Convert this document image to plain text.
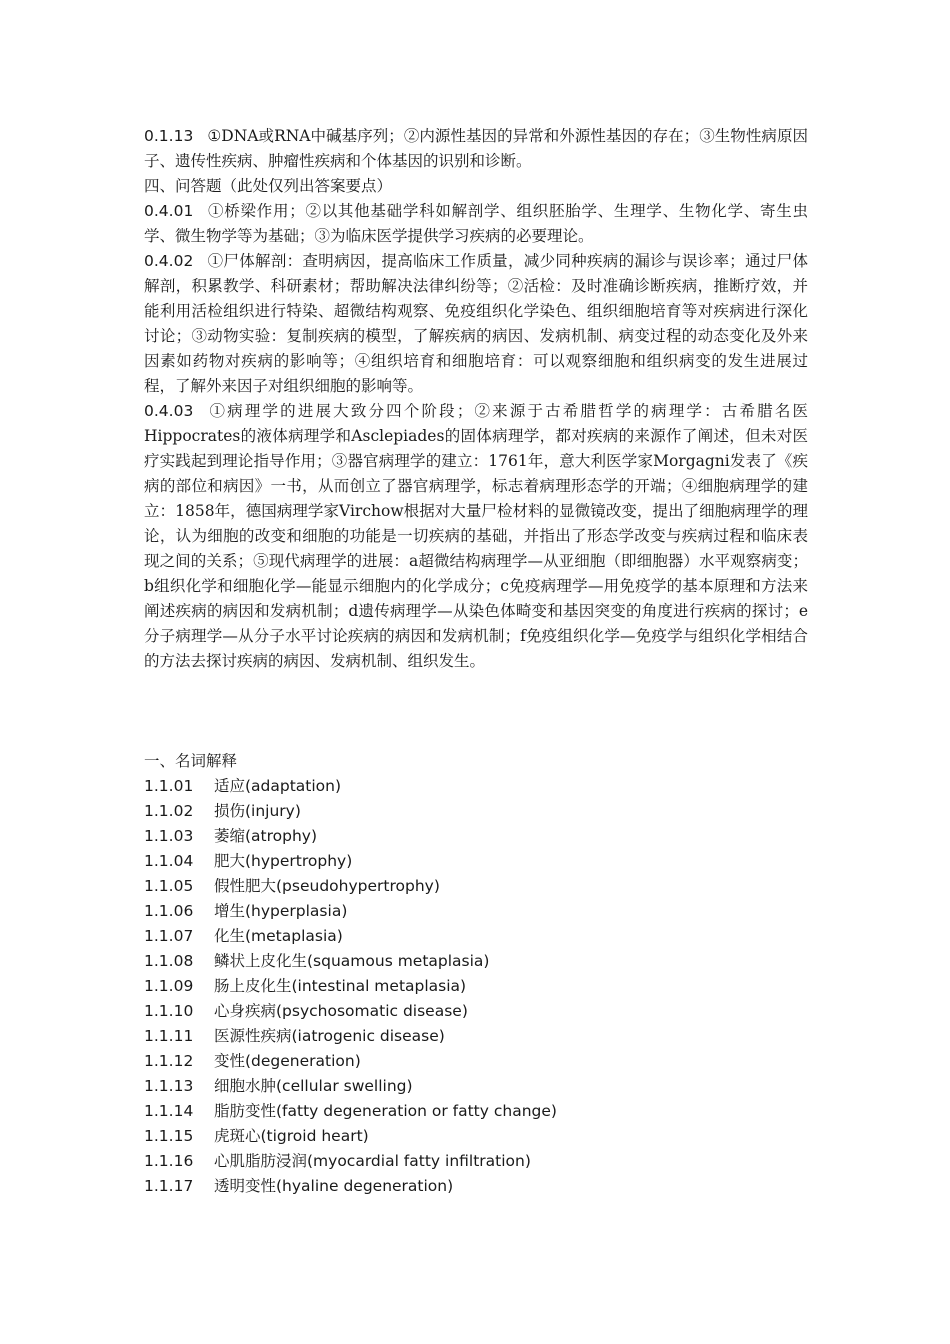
0.1.13 ①DNA或RNA中碱基序列；②内源性基因的异常和外源性基因的存在；③生物性病原因子、遗传性疾病、肿瘤性疾病和个体基因的识别和诊断。

四、问答题（此处仅列出答案要点）

0.4.01 ①桥梁作用；②以其他基础学科如解剖学、组织胚胎学、生理学、生物化学、寄生虫学、微生物学等为基础；③为临床医学提供学习疾病的必要理论。

0.4.02 ①尸体解剖：查明病因，提高临床工作质量，减少同种疾病的漏诊与误诊率；通过尸体解剖，积累教学、科研素材；帮助解决法律纠纷等；②活检：及时准确诊断疾病，推断疗效，并能利用活检组织进行特染、超微结构观察、免疫组织化学染色、组织细胞培育等对疾病进行深化讨论；③动物实验：复制疾病的模型，了解疾病的病因、发病机制、病变过程的动态变化及外来因素如药物对疾病的影响等；④组织培育和细胞培育：可以观察细胞和组织病变的发生进展过程，了解外来因子对组织细胞的影响等。

0.4.03 ①病理学的进展大致分四个阶段；②来源于古希腊哲学的病理学：古希腊名医Hippocrates的液体病理学和Asclepiades的固体病理学，都对疾病的来源作了阐述，但未对医疗实践起到理论指导作用；③器官病理学的建立：1761年，意大利医学家Morgagni发表了《疾病的部位和病因》一书，从而创立了器官病理学，标志着病理形态学的开端；④细胞病理学的建立：1858年，德国病理学家Virchow根据对大量尸检材料的显微镜改变，提出了细胞病理学的理论，认为细胞的改变和细胞的功能是一切疾病的基础，并指出了形态学改变与疾病过程和临床表现之间的关系；⑤现代病理学的进展：a超微结构病理学—从亚细胞（即细胞器）水平观察病变；b组织化学和细胞化学—能显示细胞内的化学成分；c免疫病理学—用免疫学的基本原理和方法来阐述疾病的病因和发病机制；d遗传病理学—从染色体畸变和基因突变的角度进行疾病的探讨；e分子病理学—从分子水平讨论疾病的病因和发病机制；f免疫组织化学—免疫学与组织化学相结合的方法去探讨疾病的病因、发病机制、组织发生。

一、名词解释

1.1.01	适应(adaptation)
1.1.02	损伤(injury)
1.1.03	萎缩(atrophy)
1.1.04	肥大(hypertrophy)
1.1.05	假性肥大(pseudohypertrophy)
1.1.06	增生(hyperplasia)
1.1.07	化生(metaplasia)
1.1.08	鳞状上皮化生(squamous metaplasia)
1.1.09	肠上皮化生(intestinal metaplasia)
1.1.10	心身疾病(psychosomatic disease)
1.1.11	医源性疾病(iatrogenic disease)
1.1.12	变性(degeneration)
1.1.13	细胞水肿(cellular swelling)
1.1.14	脂肪变性(fatty degeneration or fatty change)
1.1.15	虎斑心(tigroid heart)
1.1.16	心肌脂肪浸润(myocardial fatty infiltration)
1.1.17	透明变性(hyaline degeneration)
